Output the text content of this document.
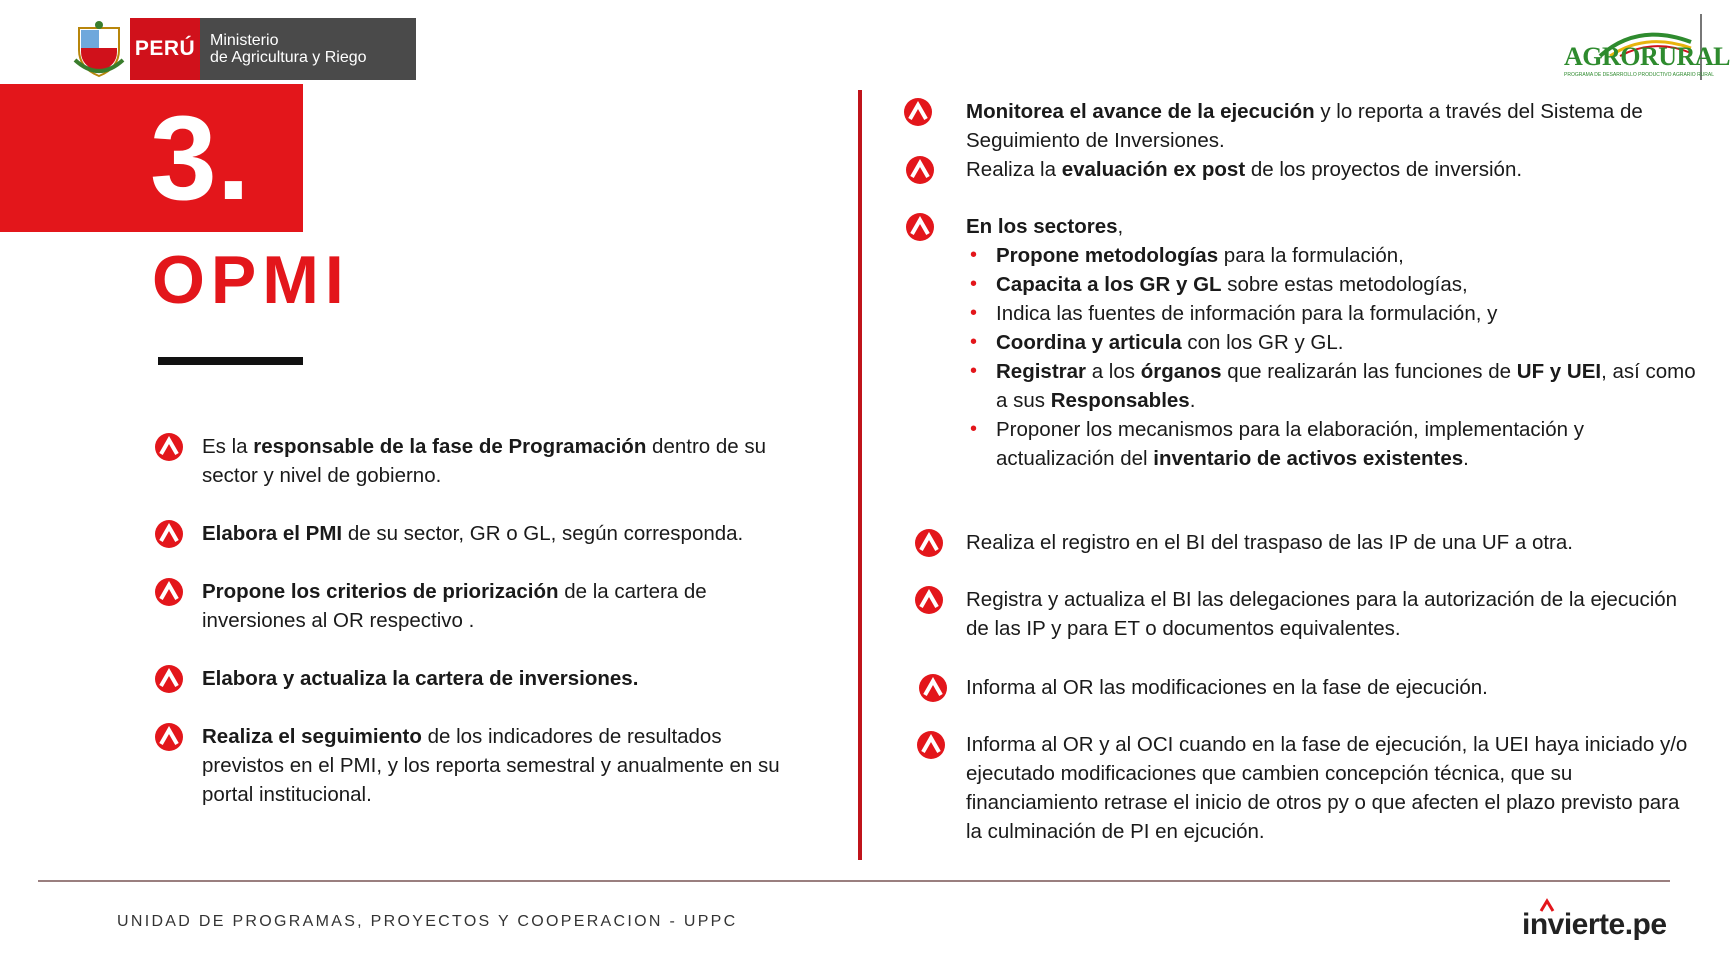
PERÚ Ministerio
de Agricultura y Riego	AGRORURAL
PROGRAMA DE DESARROLLO PRODUCTIVO AGRARIO RURAL
3.
OPMI
Es la responsable de la fase de Programación dentro de su sector y nivel de gobierno.
Elabora el PMI de su sector, GR o GL, según corresponda.
Propone los criterios de priorización de la cartera de inversiones al OR respectivo .
Elabora y actualiza la cartera de inversiones.
Realiza el seguimiento de los indicadores de resultados previstos en el PMI, y los reporta semestral y anualmente en su portal institucional.
Monitorea el avance de la ejecución y lo reporta a través del Sistema de Seguimiento de Inversiones.
Realiza la evaluación ex post de los proyectos de inversión.
En los sectores,
• Propone metodologías para la formulación,
• Capacita a los GR y GL sobre estas metodologías,
• Indica las fuentes de información para la formulación, y
• Coordina y articula con los GR y GL.
• Registrar a los órganos que realizarán las funciones de UF y UEI, así como a sus Responsables.
• Proponer los mecanismos para la elaboración, implementación y actualización del inventario de activos existentes.
Realiza el registro en el BI del traspaso de las IP de una UF a otra.
Registra y actualiza el BI las delegaciones para la autorización de la ejecución de las IP y para ET o documentos equivalentes.
Informa al OR las modificaciones en la fase de ejecución.
Informa al OR y al OCI cuando en la fase de ejecución, la UEI haya iniciado y/o ejecutado modificaciones que cambien concepción técnica, que su financiamiento retrase el inicio de otros py o que afecten el plazo previsto para la culminación de PI en ejcución.
UNIDAD DE PROGRAMAS, PROYECTOS Y COOPERACION - UPPC	invierte.pe
